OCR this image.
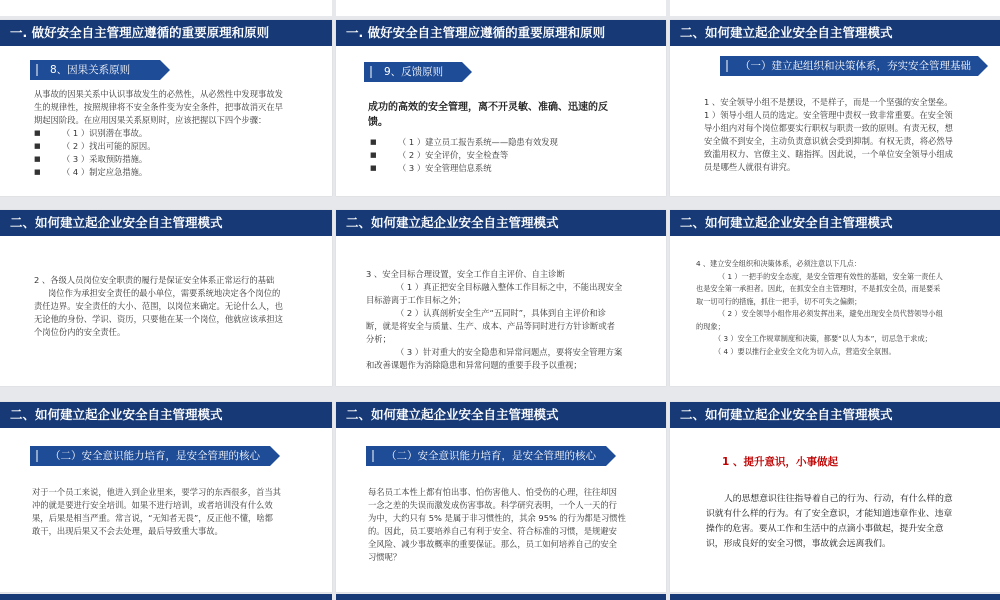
一. 做好安全自主管理应遵循的重要原理和原则
8、因果关系原则

从事故的因果关系中认识事故发生的必然性，从必然性中发现事故发

生的规律性，按照规律将不安全条件变为安全条件，把事故消灭在早

期起因阶段。在应用因果关系原则时，应该把握以下四个步骤：

■	（ 1 ）识别潜在事故。
■	（ 2 ）找出可能的原因。
■	（ 3 ）采取预防措施。
■	（ 4 ）制定应急措施。
一. 做好安全自主管理应遵循的重要原理和原则
9、反馈原则

成功的高效的安全管理，离不开灵敏、准确、迅速的反

馈。

■	（ 1 ）建立员工报告系统——隐患有效发现
■	（ 2 ）安全评价，安全检查等
■	（ 3 ）安全管理信息系统
二、如何建立起企业安全自主管理模式
（一）建立起组织和决策体系，夯实安全管理基础

1 、安全领导小组不是摆设，不是样子，而是一个坚强的安全堡垒。

1 ）领导小组人员的选定。安全管理中责权一致非常重要。在安全领

导小组内对每个岗位都要实行职权与职责一致的原则。有责无权，想

安全做不到安全，主动负责意识就会受到抑制。有权无责，将必然导

致滥用权力、官僚主义、瞎指挥。因此说，一个单位安全领导小组成

员是哪些人就很有讲究。

二、如何建立起企业安全自主管理模式

2 、各级人员岗位安全职责的履行是保证安全体系正常运行的基础

岗位作为承担安全责任的最小单位，需要系统地决定各个岗位的

责任边界。安全责任的大小、范围，以岗位来确定。无论什么人，也

无论他的身份、学识、资历，只要他在某一个岗位，他就应该承担这

个岗位份内的安全责任。

二、如何建立起企业安全自主管理模式

3 、安全目标合理设置，安全工作自主评价、自主诊断

（ 1 ）真正把安全目标融入整体工作目标之中，不能出现安全

目标游离于工作目标之外；

（ 2 ）认真剖析安全生产“五同时”，具体到自主评价和诊

断，就是将安全与质量、生产、成本、产品等同时进行方针诊断或者

分析；

（ 3 ）针对重大的安全隐患和异常问题点，要将安全管理方案

和改善课题作为消除隐患和异常问题的重要手段予以重视；

二、如何建立起企业安全自主管理模式

4 、建立安全组织和决策体系，必须注意以下几点：

（ 1 ）一把手的安全态度，是安全管理有效性的基础，安全第一责任人

也是安全第一承担者。因此，在抓安全自主管理时，不是抓安全员，而是要采

取一切可行的措施，抓住一把手，切不可失之偏颇；

（ 2 ）安全领导小组作用必须发挥出来，避免出现安全员代替领导小组

的现象；

（ 3 ）安全工作规章制度和决策，都要“以人为本”，切忌急于求成；

（ 4 ）要以推行企业安全文化为切入点，营造安全氛围。

二、如何建立起企业安全自主管理模式
（二）安全意识能力培育，是安全管理的核心

对于一个员工来说，他进入到企业里来，要学习的东西很多，首当其

冲的就是要进行安全培训。如果不进行培训，或者培训没有什么效

果，后果是相当严重。常言说，“无知者无畏”，反正他不懂，啥都

敢干，出现后果又不会去处理，最后导致重大事故。

二、如何建立起企业安全自主管理模式
（二）安全意识能力培育，是安全管理的核心

每名员工本性上都有怕出事、怕伤害他人、怕受伤的心理，往往却因

一念之差的失误而激发成伤害事故。科学研究表明，一个人一天的行

为中，大约只有 5% 是属于非习惯性的，其余 95% 的行为都是习惯性

的。因此，员工要培养自己有利于安全、符合标准的习惯，是规避安

全风险、减少事故概率的重要保证。那么，员工如何培养自己的安全

习惯呢？

二、如何建立起企业安全自主管理模式
1 、提升意识，小事做起

人的思想意识往往指导着自己的行为、行动，有什么样的意

识就有什么样的行为。有了安全意识，才能知道违章作业、违章

操作的危害。要从工作和生活中的点滴小事做起，提升安全意

识，形成良好的安全习惯，事故就会远离我们。
